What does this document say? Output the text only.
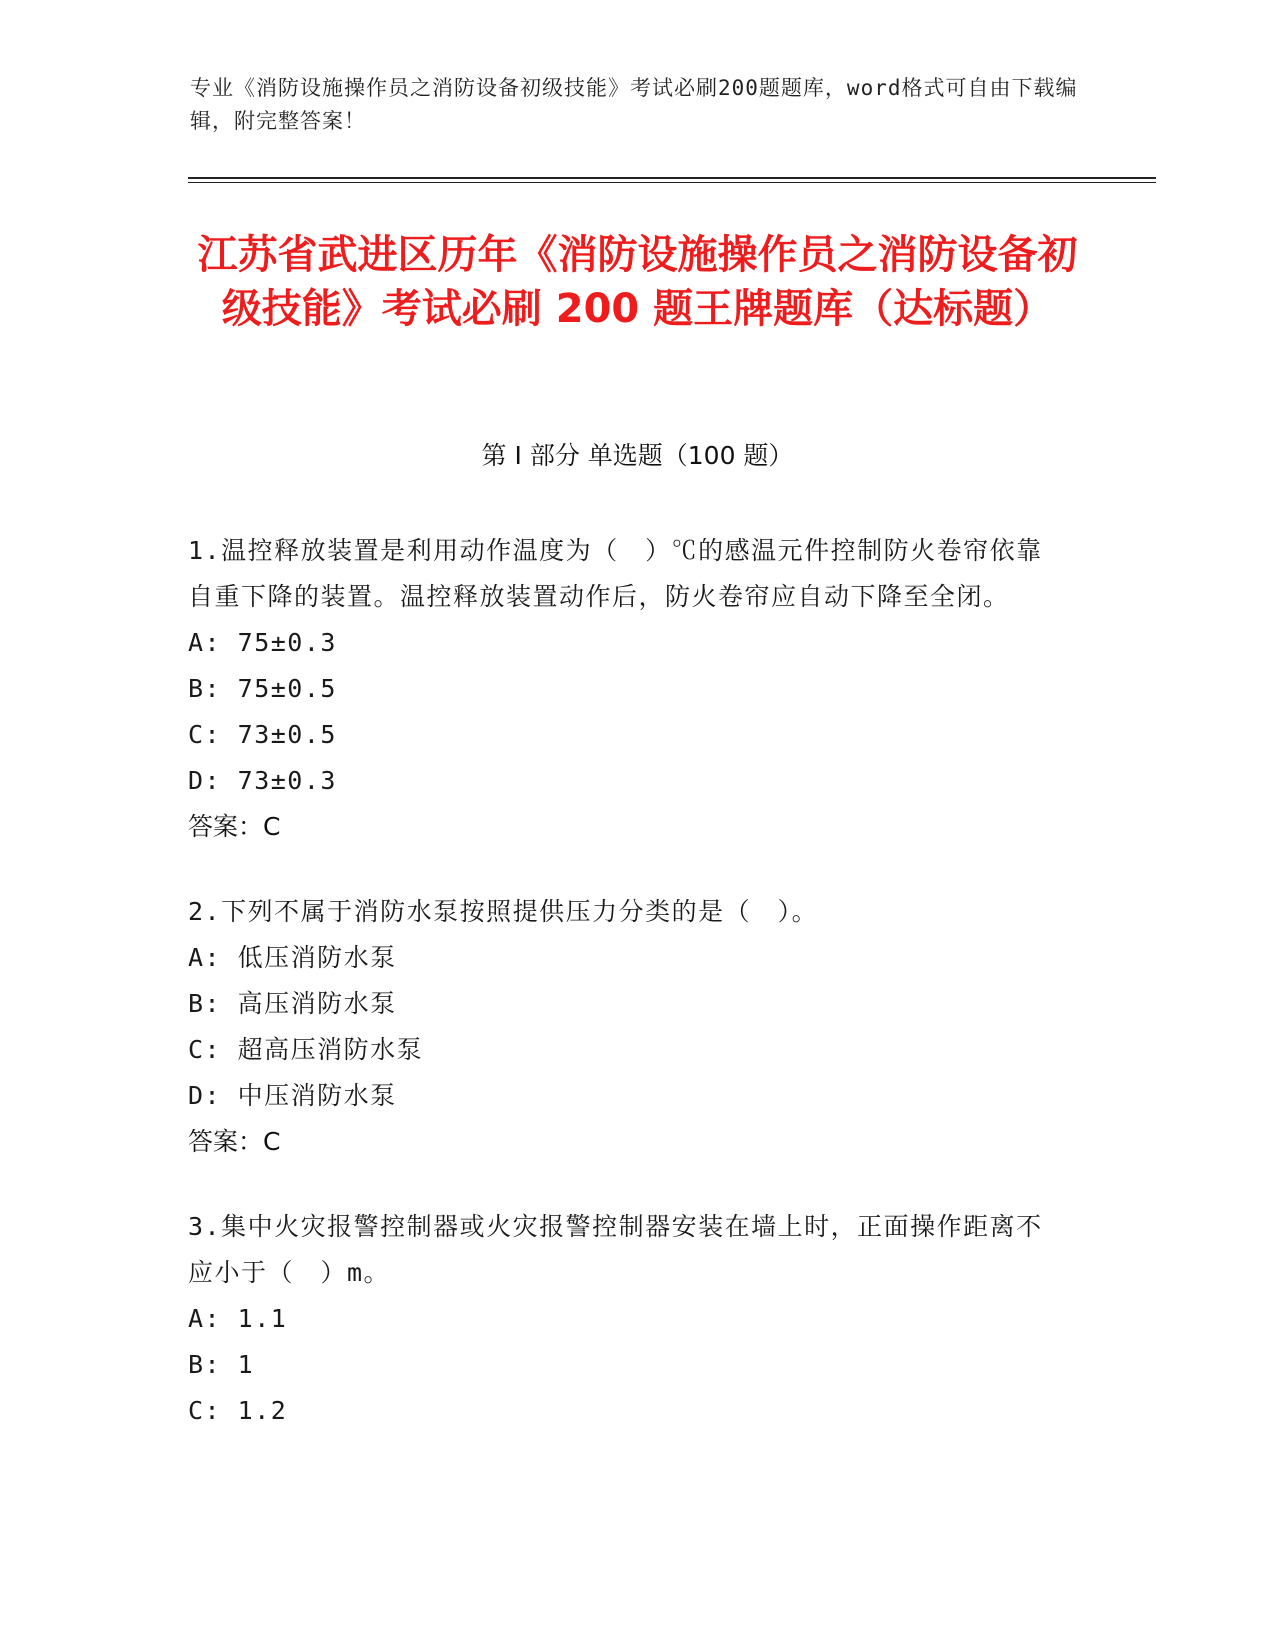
专业《消防设施操作员之消防设备初级技能》考试必刷200题题库，word格式可自由下载编辑，附完整答案！
江苏省武进区历年《消防设施操作员之消防设备初级技能》考试必刷 200 题王牌题库（达标题）
第 I 部分 单选题（100 题）
1.温控释放装置是利用动作温度为（　）℃的感温元件控制防火卷帘依靠自重下降的装置。温控释放装置动作后，防火卷帘应自动下降至全闭。
A: 75±0.3
B: 75±0.5
C: 73±0.5
D: 73±0.3
答案：C
2.下列不属于消防水泵按照提供压力分类的是（　）。
A: 低压消防水泵
B: 高压消防水泵
C: 超高压消防水泵
D: 中压消防水泵
答案：C
3.集中火灾报警控制器或火灾报警控制器安装在墙上时，正面操作距离不应小于（　）m。
A: 1.1
B: 1
C: 1.2
